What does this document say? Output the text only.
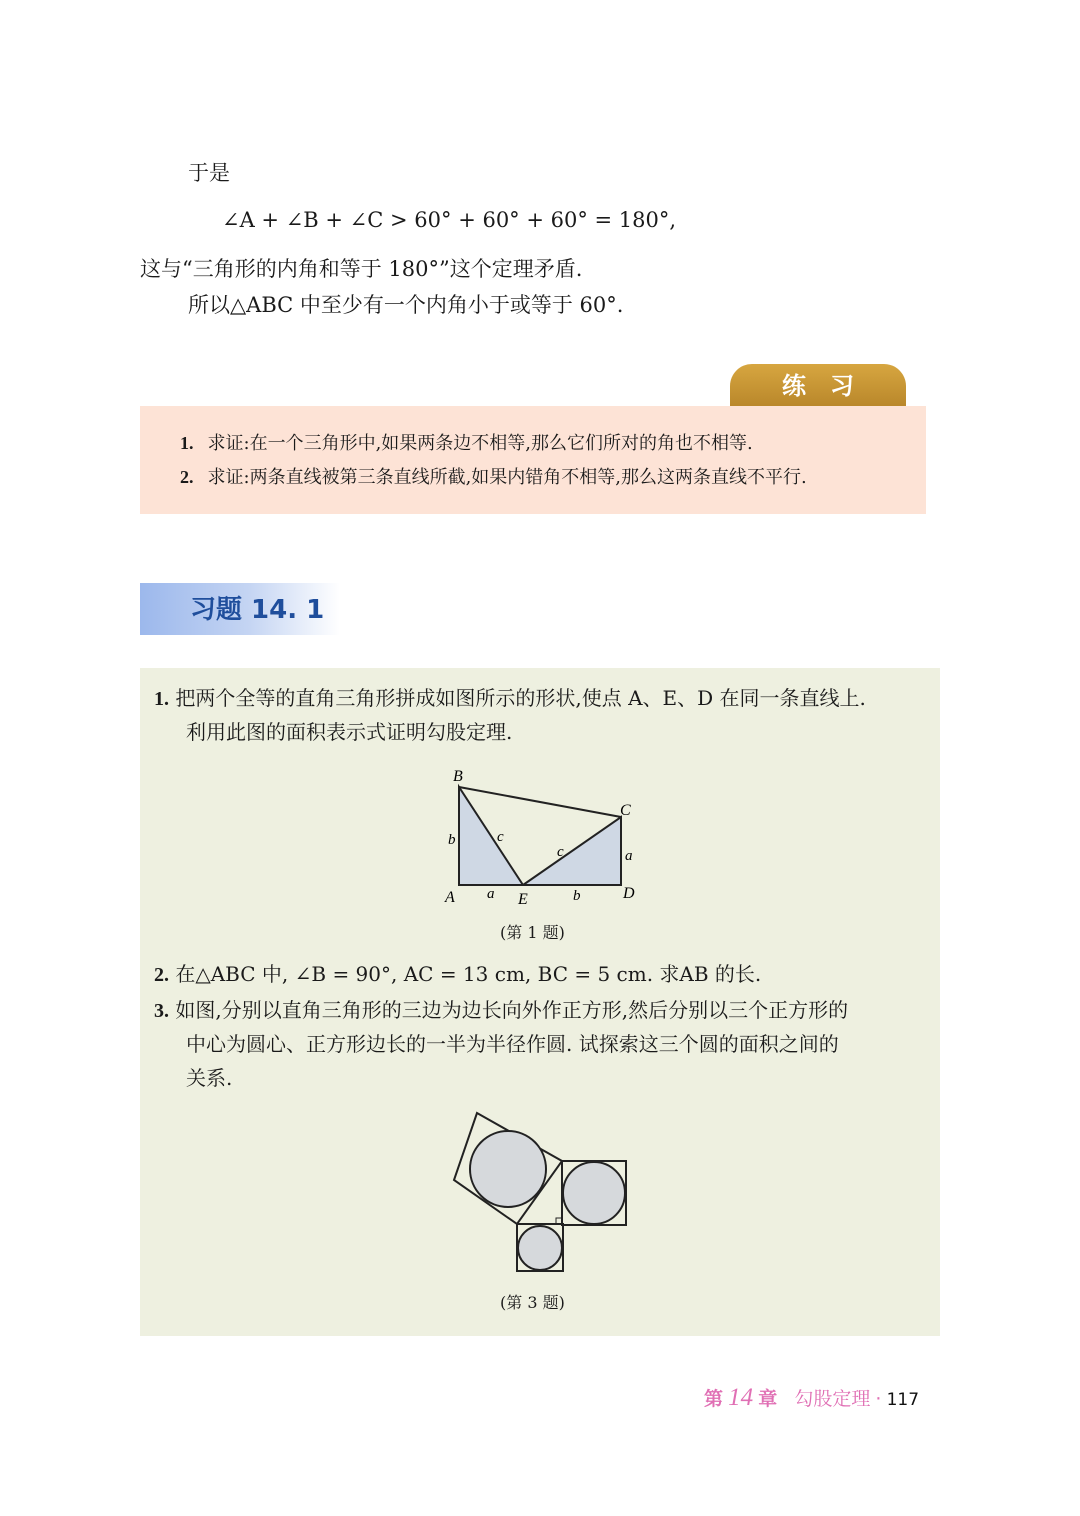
于是
∠A + ∠B + ∠C > 60° + 60° + 60° = 180°,
这与“三角形的内角和等于 180°”这个定理矛盾.
所以△ABC 中至少有一个内角小于或等于 60°.
练习
1. 求证:在一个三角形中,如果两条边不相等,那么它们所对的角也不相等.
2. 求证:两条直线被第三条直线所截,如果内错角不相等,那么这两条直线不平行.
习题 14. 1
1. 把两个全等的直角三角形拼成如图所示的形状,使点 A、E、D 在同一条直线上.
利用此图的面积表示式证明勾股定理.
B
C
A	E	D
b	c
c	a
a	b
(第 1 题)
2. 在△ABC 中, ∠B = 90°, AC = 13 cm, BC = 5 cm. 求AB 的长.
3. 如图,分别以直角三角形的三边为边长向外作正方形,然后分别以三个正方形的
中心为圆心、正方形边长的一半为半径作圆. 试探索这三个圆的面积之间的
关系.
(第 3 题)
第 14 章 勾股定理 · 117
